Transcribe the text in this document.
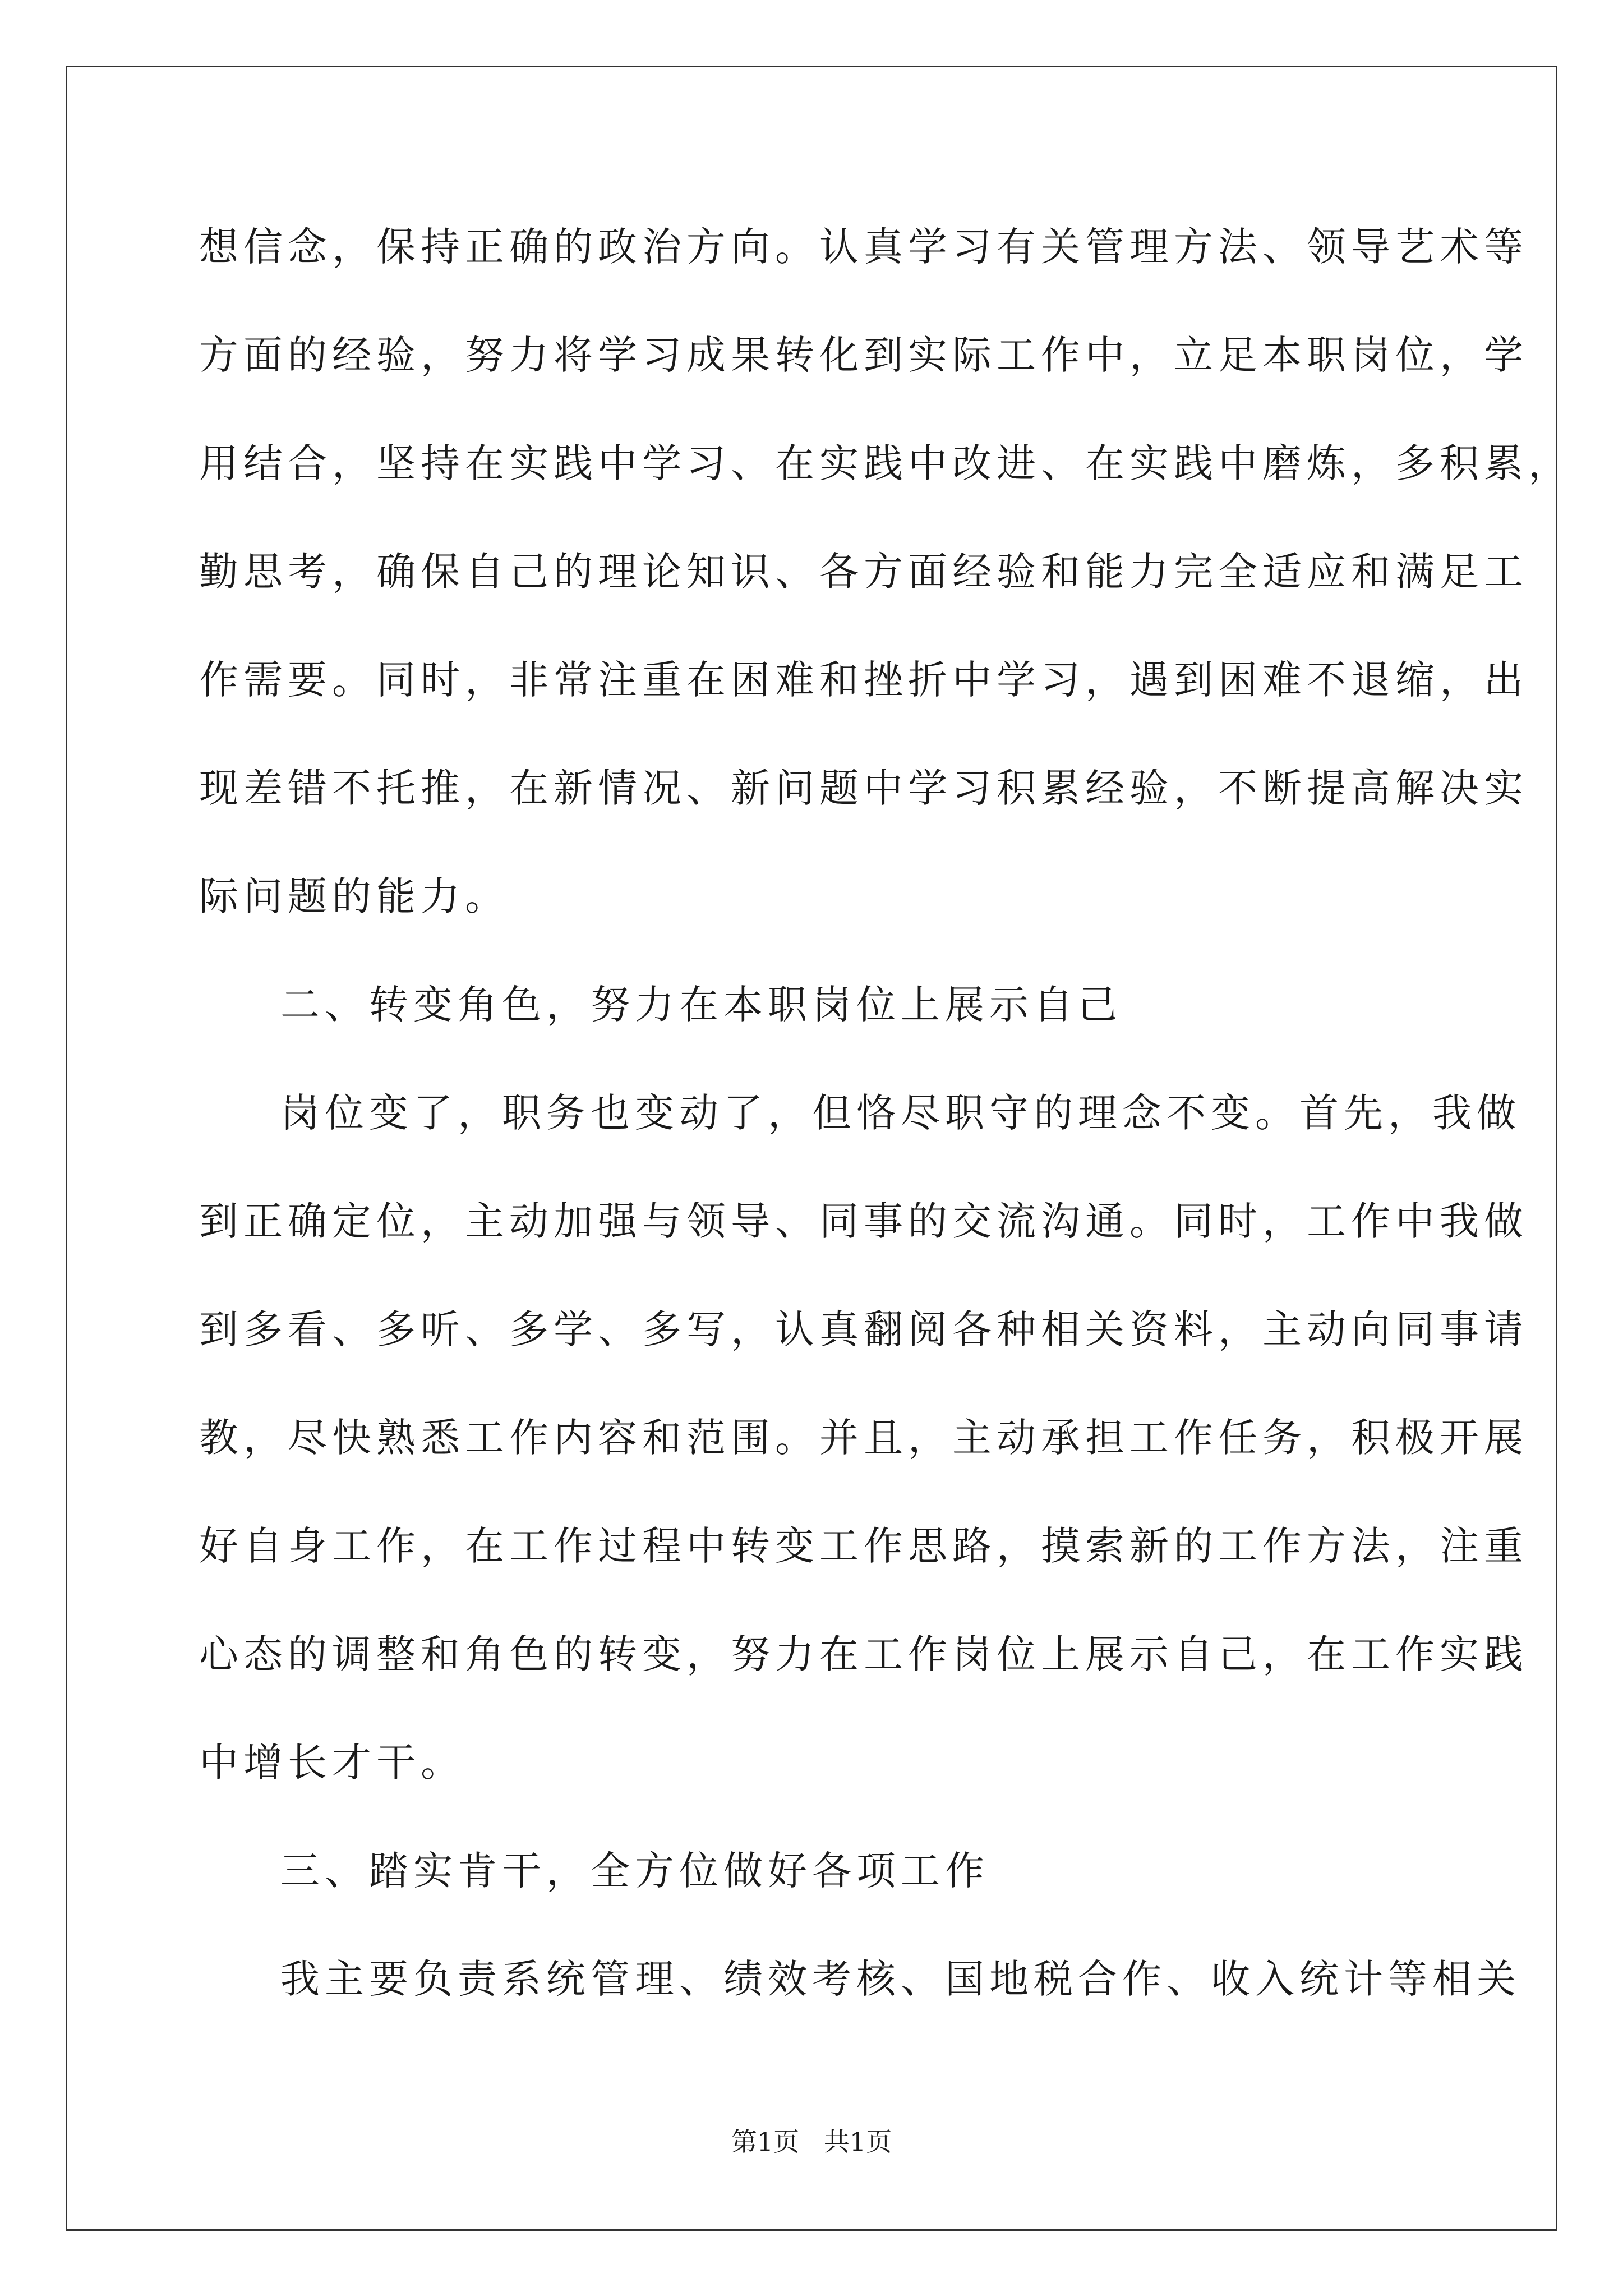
想信念，保持正确的政治方向。认真学习有关管理方法、领导艺术等
方面的经验，努力将学习成果转化到实际工作中，立足本职岗位，学
用结合，坚持在实践中学习、在实践中改进、在实践中磨炼，多积累，
勤思考，确保自己的理论知识、各方面经验和能力完全适应和满足工
作需要。同时，非常注重在困难和挫折中学习，遇到困难不退缩，出
现差错不托推，在新情况、新问题中学习积累经验，不断提高解决实
际问题的能力。
二、转变角色，努力在本职岗位上展示自己
岗位变了，职务也变动了，但恪尽职守的理念不变。首先，我做
到正确定位，主动加强与领导、同事的交流沟通。同时，工作中我做
到多看、多听、多学、多写，认真翻阅各种相关资料，主动向同事请
教，尽快熟悉工作内容和范围。并且，主动承担工作任务，积极开展
好自身工作，在工作过程中转变工作思路，摸索新的工作方法，注重
心态的调整和角色的转变，努力在工作岗位上展示自己，在工作实践
中增长才干。
三、踏实肯干，全方位做好各项工作
我主要负责系统管理、绩效考核、国地税合作、收入统计等相关
第1页   共1页
